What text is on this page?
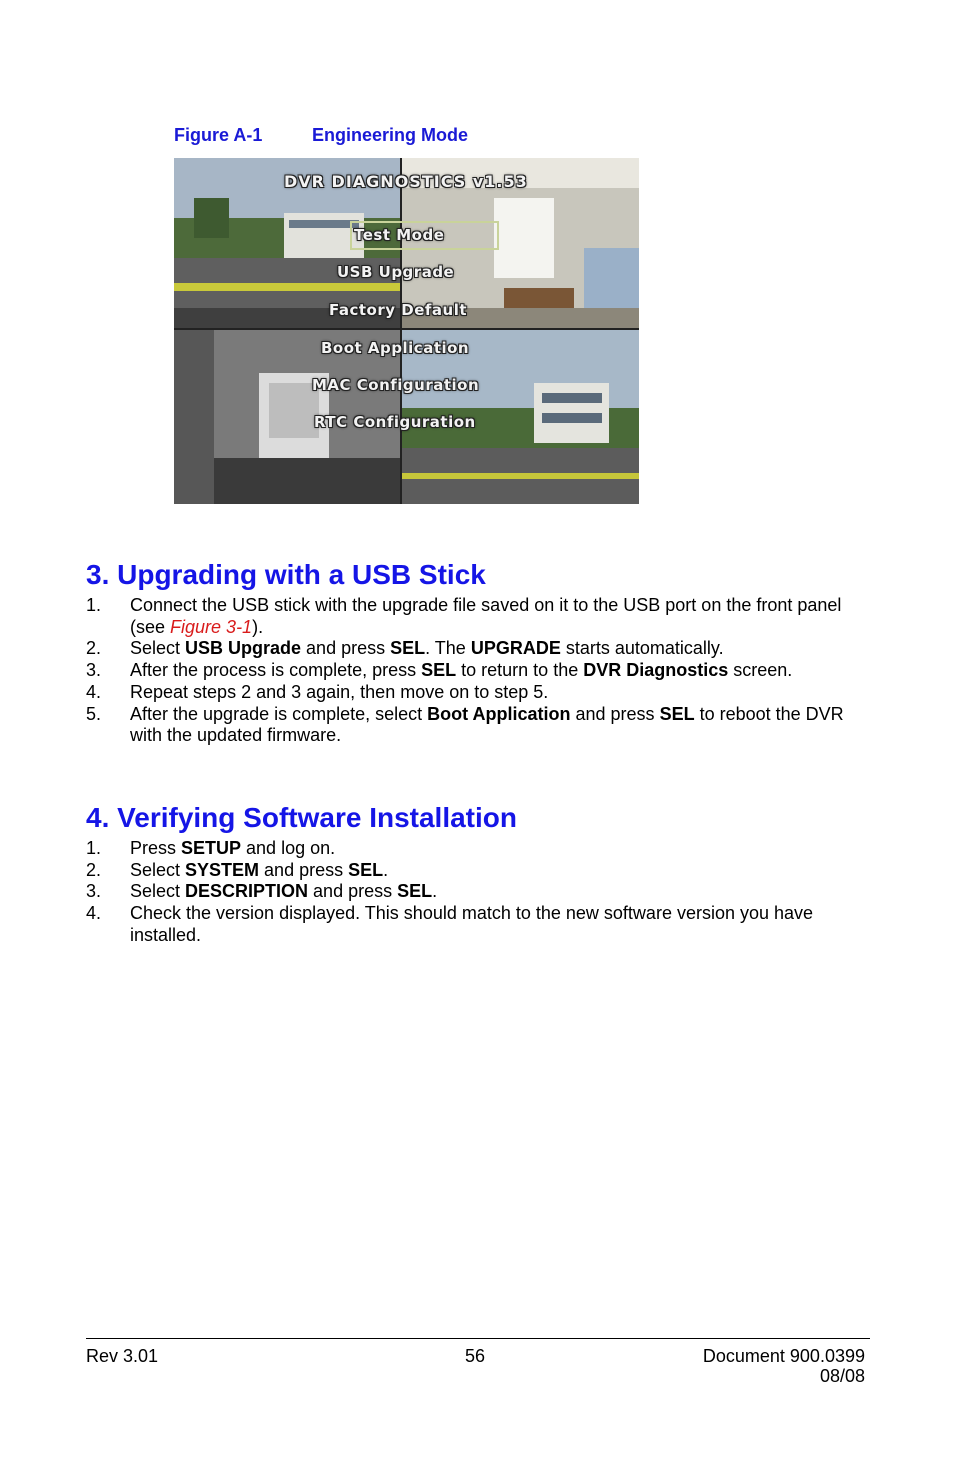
Figure A-1	Engineering Mode
DVR DIAGNOSTICS v1.53
Test Mode
USB Upgrade
Factory Default
Boot Application
MAC Configuration
RTC Configuration
3. Upgrading with a USB Stick
1. Connect the USB stick with the upgrade file saved on it to the USB port on the front panel (see Figure 3-1).
2. Select USB Upgrade and press SEL. The UPGRADE starts automatically.
3. After the process is complete, press SEL to return to the DVR Diagnostics screen.
4. Repeat steps 2 and 3 again, then move on to step 5.
5. After the upgrade is complete, select Boot Application and press SEL to reboot the DVR with the updated firmware.
4. Verifying Software Installation
1. Press SETUP and log on.
2. Select SYSTEM and press SEL.
3. Select DESCRIPTION and press SEL.
4. Check the version displayed. This should match to the new software version you have installed.
Rev 3.01	56	Document 900.0399
08/08
